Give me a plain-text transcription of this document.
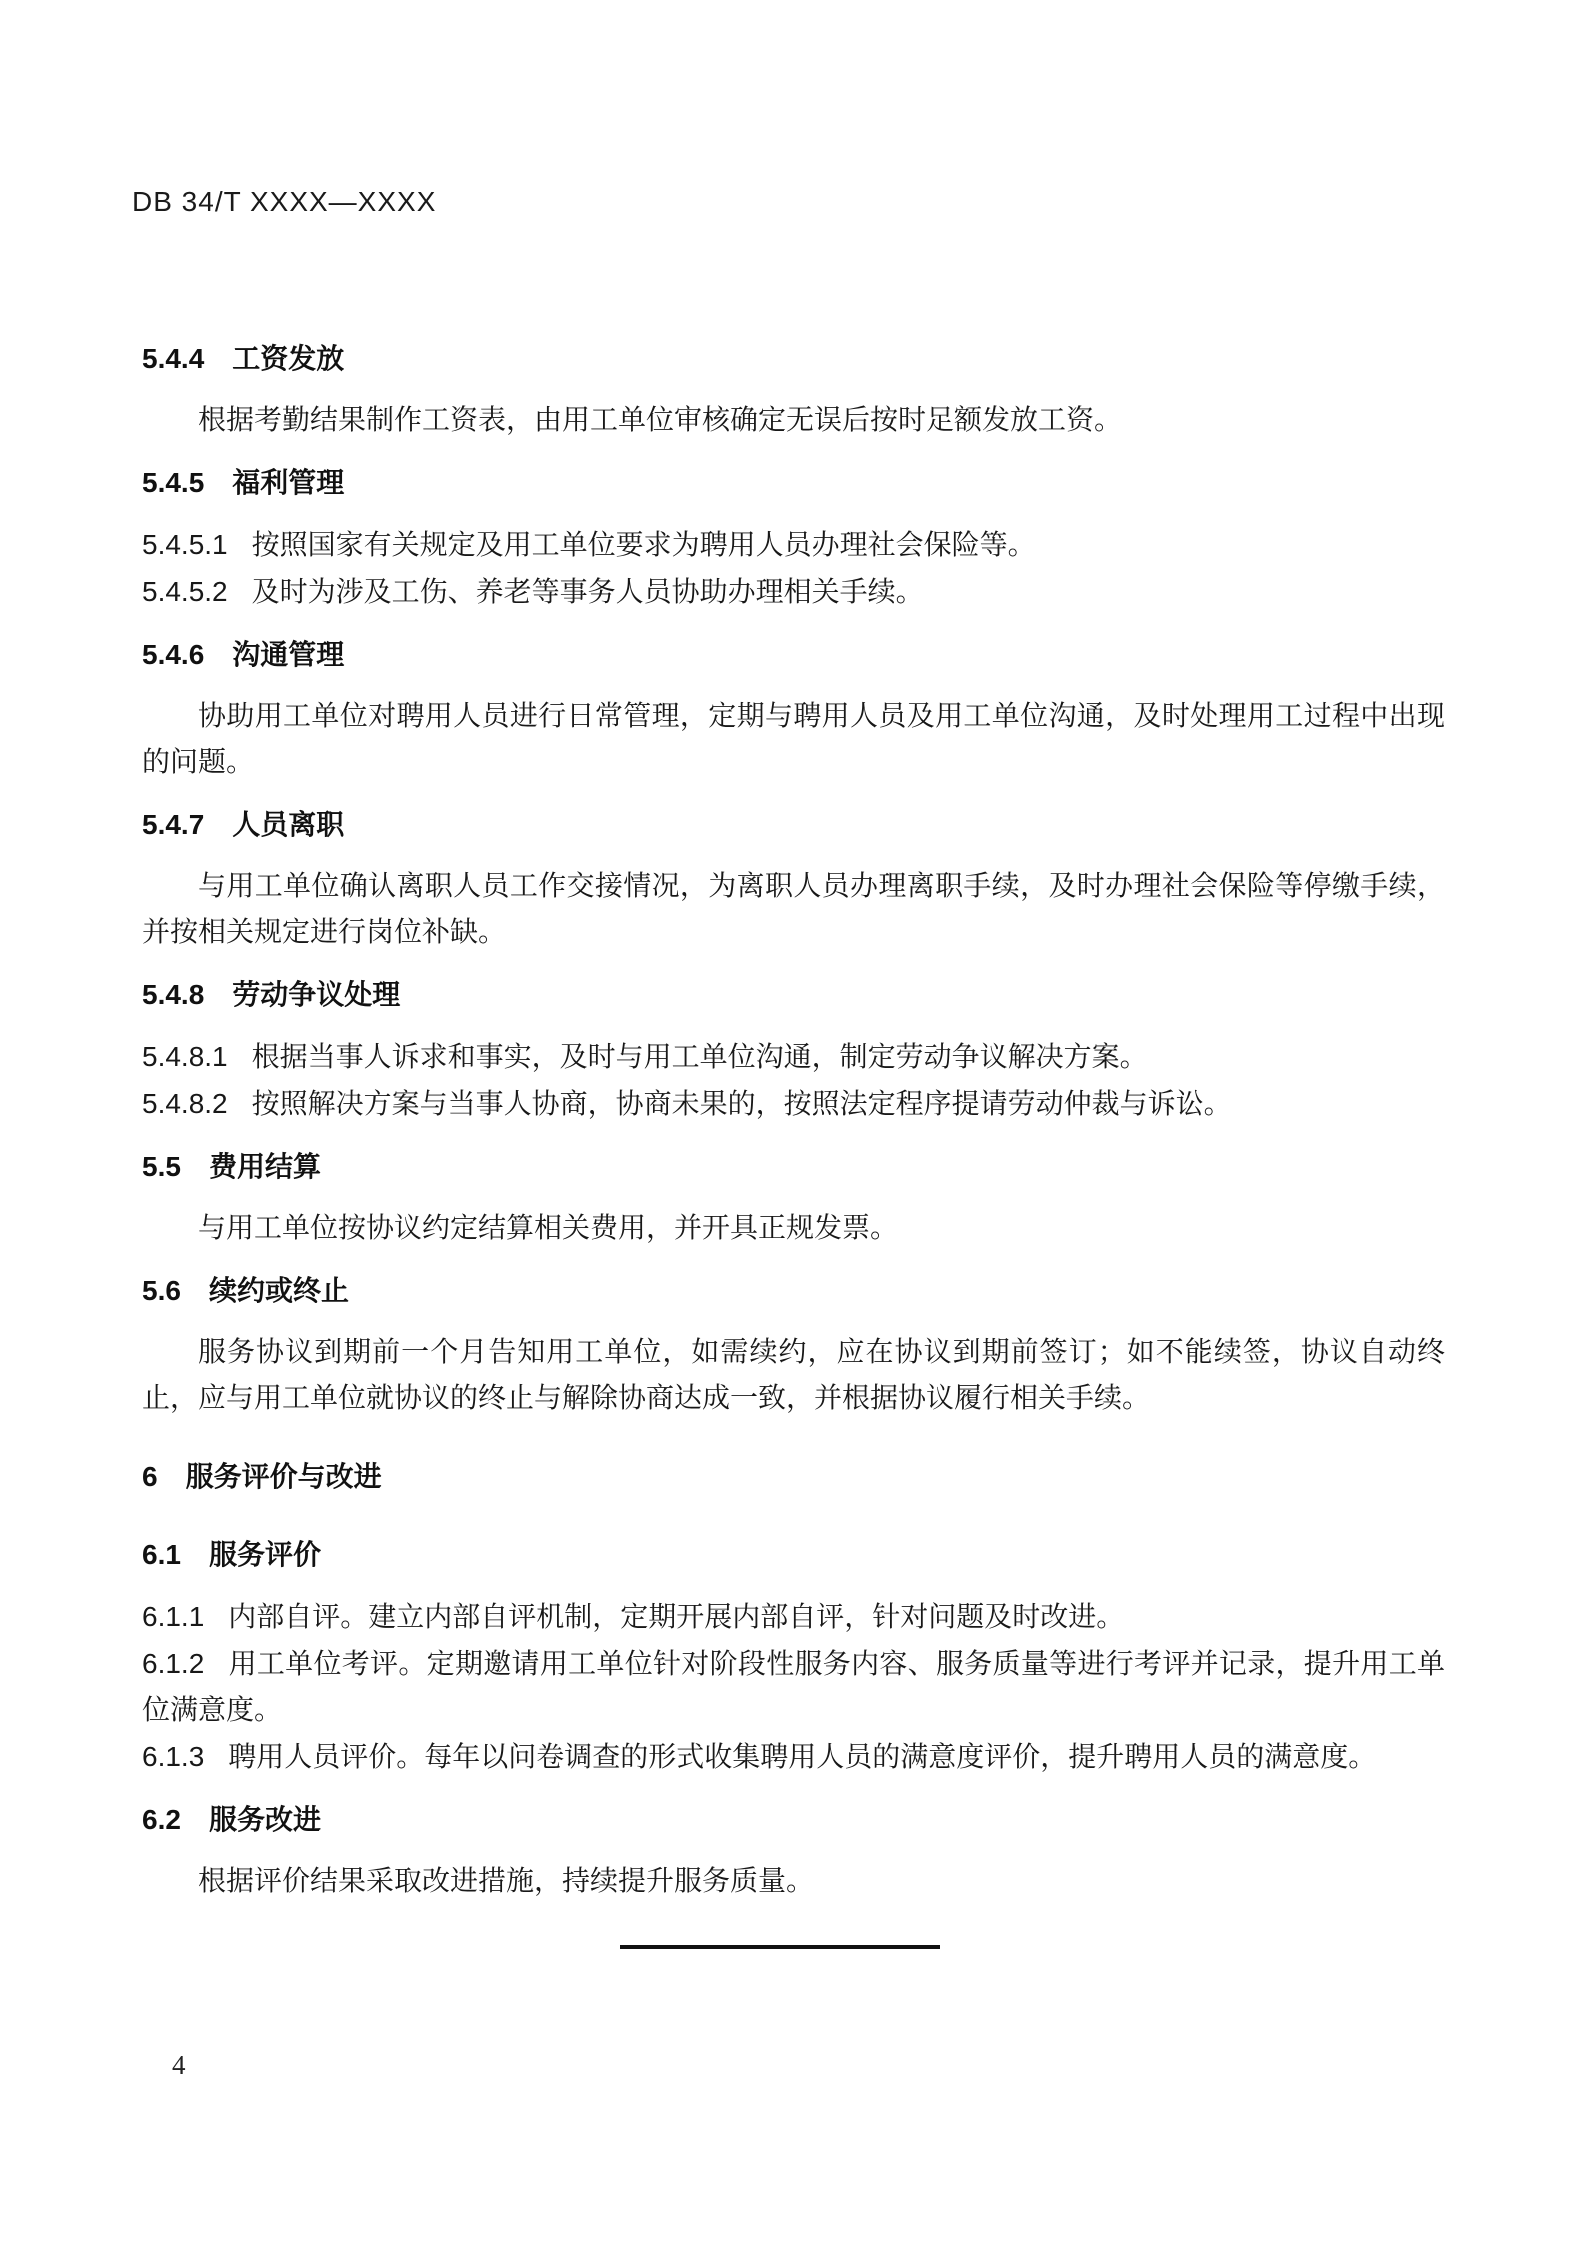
DB 34/T XXXX—XXXX
5.4.4 工资发放

根据考勤结果制作工资表，由用工单位审核确定无误后按时足额发放工资。

5.4.5 福利管理

5.4.5.1 按照国家有关规定及用工单位要求为聘用人员办理社会保险等。

5.4.5.2 及时为涉及工伤、养老等事务人员协助办理相关手续。

5.4.6 沟通管理

协助用工单位对聘用人员进行日常管理，定期与聘用人员及用工单位沟通，及时处理用工过程中出现的问题。

5.4.7 人员离职

与用工单位确认离职人员工作交接情况，为离职人员办理离职手续，及时办理社会保险等停缴手续，并按相关规定进行岗位补缺。

5.4.8 劳动争议处理

5.4.8.1 根据当事人诉求和事实，及时与用工单位沟通，制定劳动争议解决方案。

5.4.8.2 按照解决方案与当事人协商，协商未果的，按照法定程序提请劳动仲裁与诉讼。

5.5 费用结算

与用工单位按协议约定结算相关费用，并开具正规发票。

5.6 续约或终止

服务协议到期前一个月告知用工单位，如需续约，应在协议到期前签订；如不能续签，协议自动终止，应与用工单位就协议的终止与解除协商达成一致，并根据协议履行相关手续。

6 服务评价与改进
6.1 服务评价

6.1.1 内部自评。建立内部自评机制，定期开展内部自评，针对问题及时改进。

6.1.2 用工单位考评。定期邀请用工单位针对阶段性服务内容、服务质量等进行考评并记录，提升用工单位满意度。

6.1.3 聘用人员评价。每年以问卷调查的形式收集聘用人员的满意度评价，提升聘用人员的满意度。

6.2 服务改进

根据评价结果采取改进措施，持续提升服务质量。

4
